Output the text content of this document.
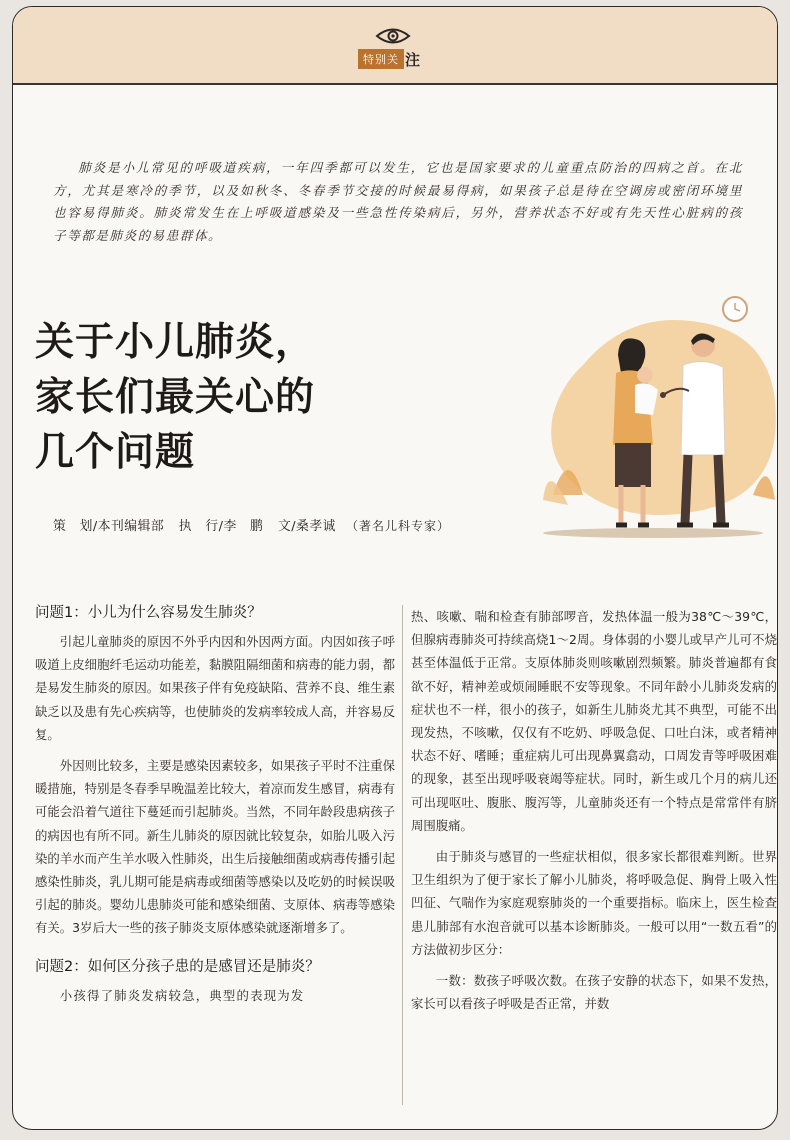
特别关 注

肺炎是小儿常见的呼吸道疾病，一年四季都可以发生，它也是国家要求的儿童重点防治的四病之首。在北方，尤其是寒冷的季节，以及如秋冬、冬春季节交接的时候最易得病，如果孩子总是待在空调房或密闭环境里也容易得肺炎。肺炎常发生在上呼吸道感染及一些急性传染病后，另外，营养状态不好或有先天性心脏病的孩子等都是肺炎的易患群体。

关于小儿肺炎，
家长们最关心的
几个问题
策　划/本刊编辑部 执　行/李　鹏 文/桑孝诚 （著名儿科专家）
问题1：小儿为什么容易发生肺炎？

引起儿童肺炎的原因不外乎内因和外因两方面。内因如孩子呼吸道上皮细胞纤毛运动功能差，黏膜阻隔细菌和病毒的能力弱，都是易发生肺炎的原因。如果孩子伴有免疫缺陷、营养不良、维生素缺乏以及患有先心疾病等，也使肺炎的发病率较成人高，并容易反复。

外因则比较多，主要是感染因素较多，如果孩子平时不注重保暖措施，特别是冬春季早晚温差比较大，着凉而发生感冒，病毒有可能会沿着气道往下蔓延而引起肺炎。当然，不同年龄段患病孩子的病因也有所不同。新生儿肺炎的原因就比较复杂，如胎儿吸入污染的羊水而产生羊水吸入性肺炎，出生后接触细菌或病毒传播引起感染性肺炎，乳儿期可能是病毒或细菌等感染以及吃奶的时候误吸引起的肺炎。婴幼儿患肺炎可能和感染细菌、支原体、病毒等感染有关。3岁后大一些的孩子肺炎支原体感染就逐渐增多了。

问题2：如何区分孩子患的是感冒还是肺炎？

小孩得了肺炎发病较急，典型的表现为发

热、咳嗽、喘和检查有肺部啰音，发热体温一般为38℃～39℃，但腺病毒肺炎可持续高烧1～2周。身体弱的小婴儿或早产儿可不烧甚至体温低于正常。支原体肺炎则咳嗽剧烈频繁。肺炎普遍都有食欲不好，精神差或烦闹睡眠不安等现象。不同年龄小儿肺炎发病的症状也不一样，很小的孩子，如新生儿肺炎尤其不典型，可能不出现发热，不咳嗽，仅仅有不吃奶、呼吸急促、口吐白沫，或者精神状态不好、嗜睡；重症病儿可出现鼻翼翕动，口周发青等呼吸困难的现象，甚至出现呼吸衰竭等症状。同时，新生或几个月的病儿还可出现呕吐、腹胀、腹泻等，儿童肺炎还有一个特点是常常伴有脐周围腹痛。

由于肺炎与感冒的一些症状相似，很多家长都很难判断。世界卫生组织为了便于家长了解小儿肺炎，将呼吸急促、胸骨上吸入性凹征、气喘作为家庭观察肺炎的一个重要指标。临床上，医生检查患儿肺部有水泡音就可以基本诊断肺炎。一般可以用“一数五看”的方法做初步区分：

一数：数孩子呼吸次数。在孩子安静的状态下，如果不发热，家长可以看孩子呼吸是否正常，并数
